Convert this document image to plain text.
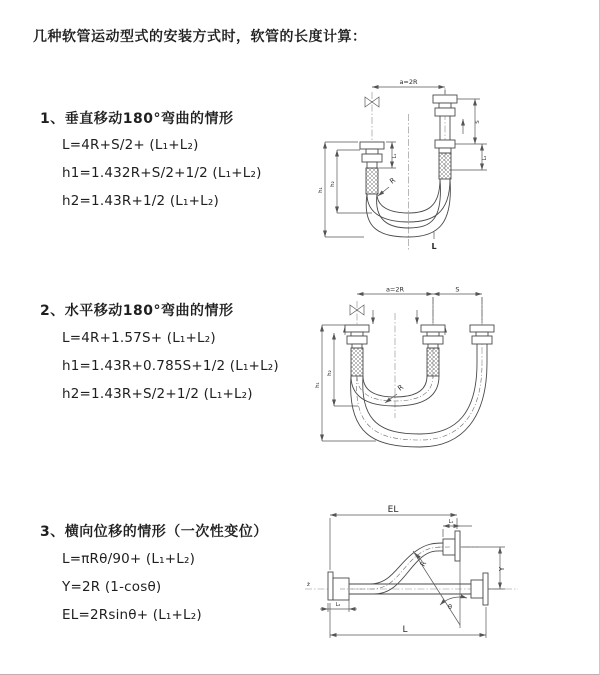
几种软管运动型式的安装方式时，软管的长度计算：
1、垂直移动180°弯曲的情形
L=4R+S/2+ (L₁+L₂)
h1=1.432R+S/2+1/2 (L₁+L₂)
h2=1.43R+1/2 (L₁+L₂)
2、水平移动180°弯曲的情形
L=4R+1.57S+ (L₁+L₂)
h1=1.43R+0.785S+1/2 (L₁+L₂)
h2=1.43R+S/2+1/2 (L₁+L₂)
3、横向位移的情形（一次性变位）
L=πRθ/90+ (L₁+L₂)
Y=2R (1-cosθ)
EL=2Rsinθ+ (L₁+L₂)
a=2R
L₁
h₁
h₂
S
L₂
R
L
a=2R	S
h₁
h₂
R
z̄
EL
L₁
Y
θ
R
L₂
L
